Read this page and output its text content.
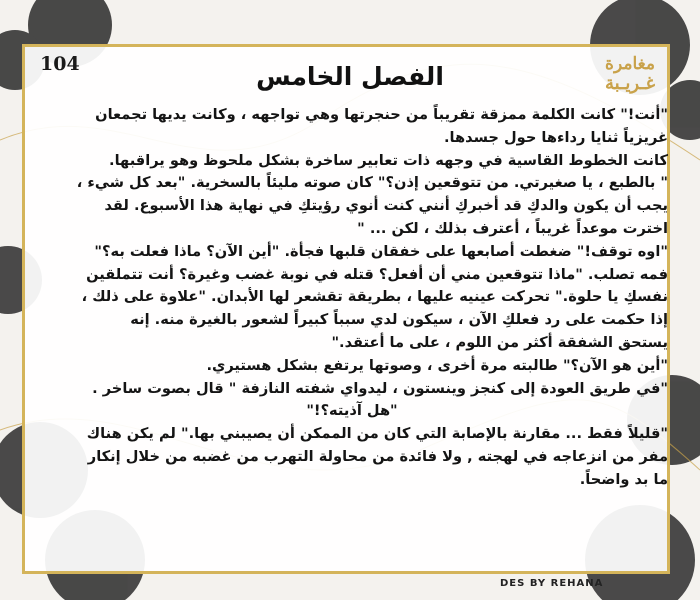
104	مغامرة
غـريـبة
الفصل الخامس

"أنت!" كانت الكلمة ممزقة تقريباً من حنجرتها وهي تواجهه ، وكانت يديها تجمعان

غريزياً ثنايا رداءها حول جسدها.

كانت الخطوط القاسية في وجهه ذات تعابير ساخرة بشكل ملحوظ وهو يراقبها.

" بالطبع ، يا صغيرتي. من تتوقعين إذن؟" كان صوته مليئاً بالسخرية. "بعد كل شيء ،

يجب أن يكون والدكِ قد أخبركِ أنني كنت أنوي رؤيتكِ في نهاية هذا الأسبوع. لقد

اخترت موعداً غريباً ، أعترف بذلك ، لكن ... "

"اوه توقف!" ضغطت أصابعها على خفقان قلبها فجأة. "أين الآن؟ ماذا فعلت به؟"

فمه تصلب. "ماذا تتوقعين مني أن أفعل؟ قتله في نوبة غضب وغيرة؟ أنت تتملقين

نفسكِ يا حلوة." تحركت عينيه عليها ، بطريقة تقشعر لها الأبدان. "علاوة على ذلك ،

إذا حكمت على رد فعلكِ الآن ، سيكون لدي سبباً كبيراً لشعور بالغيرة منه. إنه

يستحق الشفقة أكثر من اللوم ، على ما أعتقد."

"أين هو الآن؟" طالبته مرة أخرى ، وصوتها يرتفع بشكل هستيري.

"في طريق العودة إلى كنجز وينستون ، ليدواي شفته النازفة " قال بصوت ساخر .

"هل آذيته؟!"

"قليلاً فقط ... مقارنة بالإصابة التي كان من الممكن أن يصيبني بها." لم يكن هناك

مفر من انزعاجه في لهجته , ولا فائدة من محاولة التهرب من غضبه من خلال إنكار

ما بد واضحاً.

DES BY REHANA
